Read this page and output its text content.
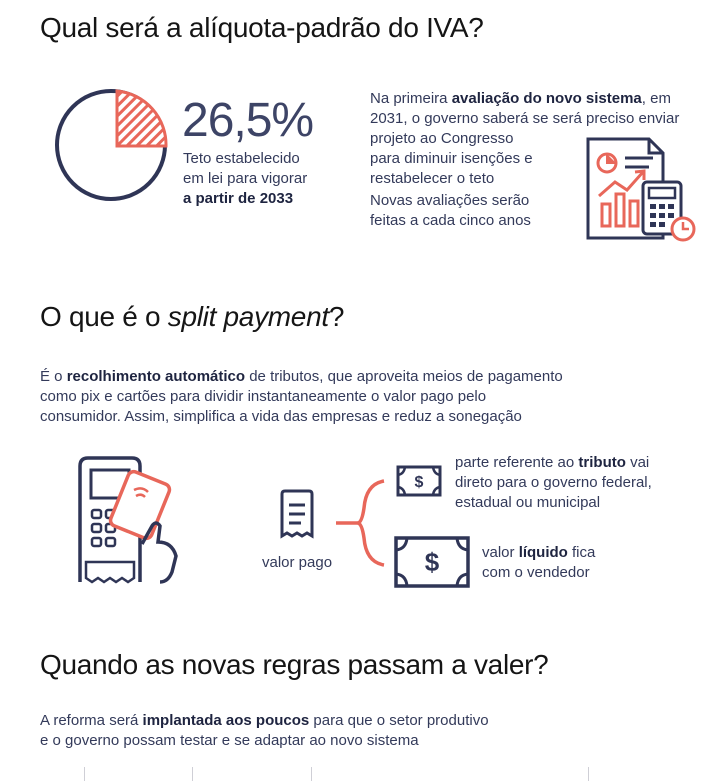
Qual será a alíquota-padrão do IVA?
26,5%
Teto estabelecido
em lei para vigorar
a partir de 2033
Na primeira avaliação do novo sistema, em
2031, o governo saberá se será preciso enviar
projeto ao Congresso
para diminuir isenções e
restabelecer o teto
Novas avaliações serão
feitas a cada cinco anos
O que é o split payment?
É o recolhimento automático de tributos, que aproveita meios de pagamento
como pix e cartões para dividir instantaneamente o valor pago pelo
consumidor. Assim, simplifica a vida das empresas e reduz a sonegação
valor pago
$
$
parte referente ao tributo vai
direto para o governo federal,
estadual ou municipal
valor líquido fica
com o vendedor
Quando as novas regras passam a valer?
A reforma será implantada aos poucos para que o setor produtivo
e o governo possam testar e se adaptar ao novo sistema
